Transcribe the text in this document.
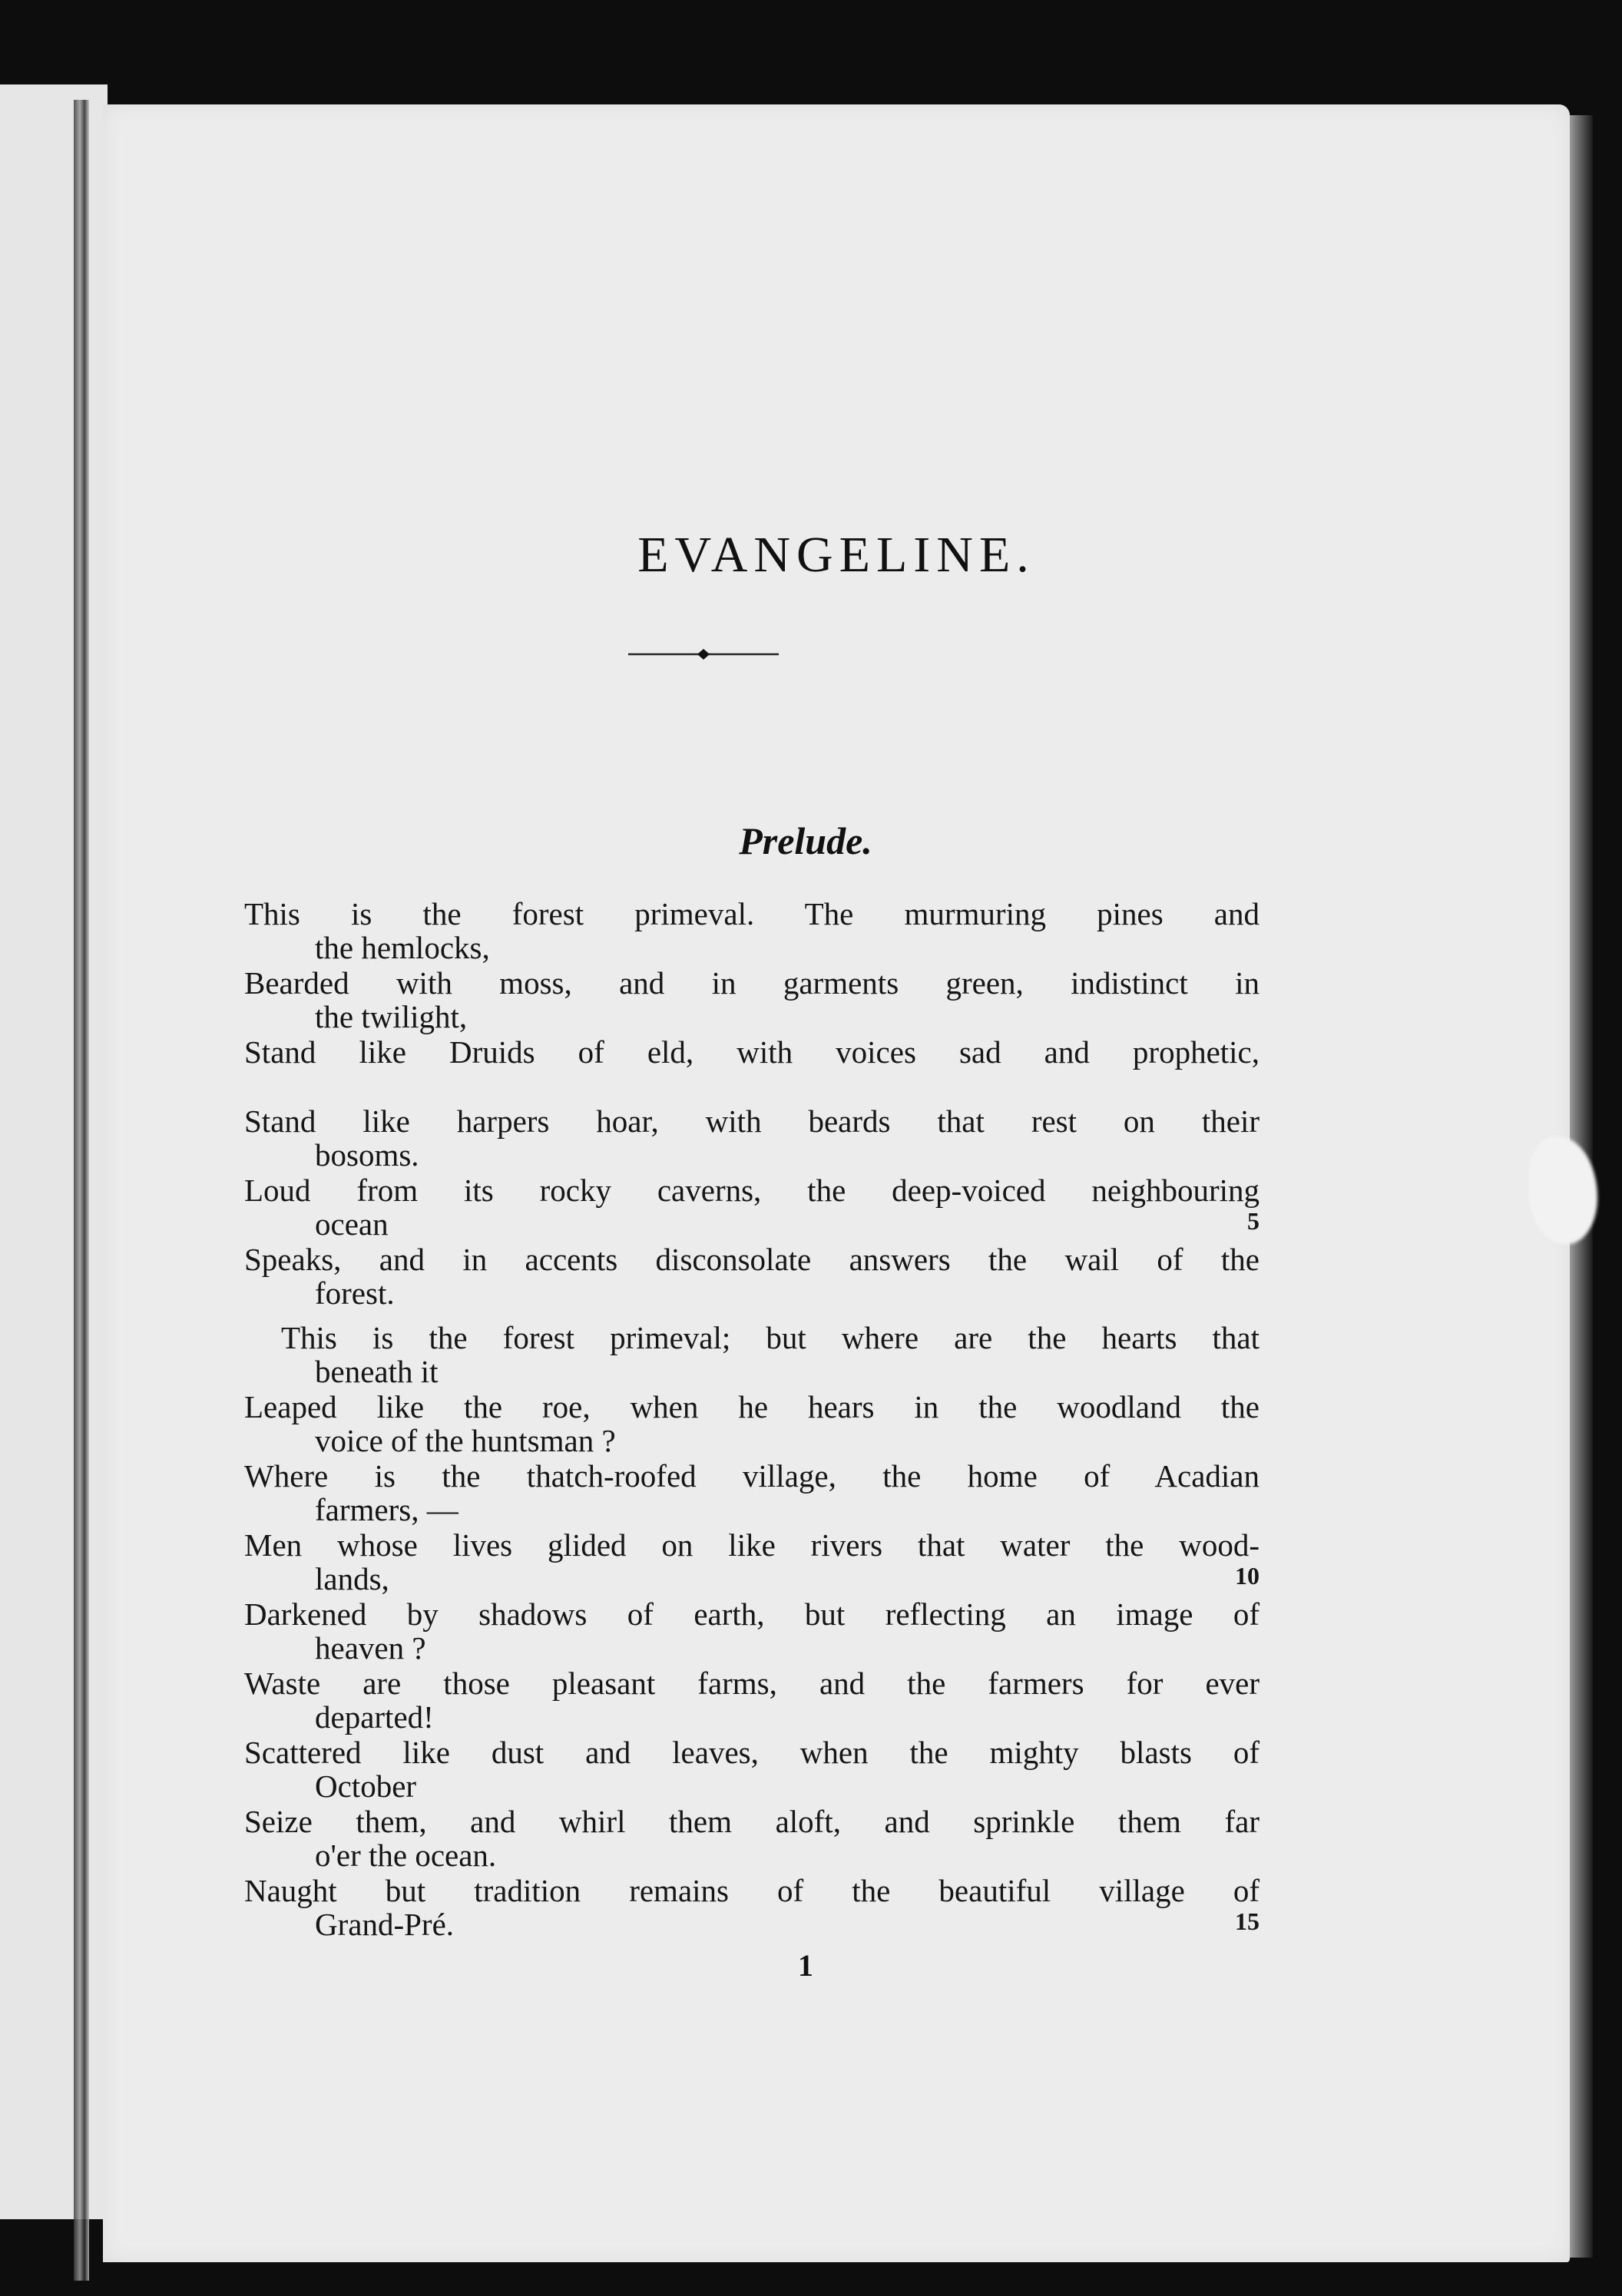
EVANGELINE.
Prelude.
This is the forest primeval. The murmuring pines and
the hemlocks,
Bearded with moss, and in garments green, indistinct in
the twilight,
Stand like Druids of eld, with voices sad and prophetic,
Stand like harpers hoar, with beards that rest on their
bosoms.
Loud from its rocky caverns, the deep-voiced neighbouring
ocean	5
Speaks, and in accents disconsolate answers the wail of the
forest.
This is the forest primeval; but where are the hearts that
beneath it
Leaped like the roe, when he hears in the woodland the
voice of the huntsman ?
Where is the thatch-roofed village, the home of Acadian
farmers, —
Men whose lives glided on like rivers that water the wood-
lands,	10
Darkened by shadows of earth, but reflecting an image of
heaven ?
Waste are those pleasant farms, and the farmers for ever
departed!
Scattered like dust and leaves, when the mighty blasts of
October
Seize them, and whirl them aloft, and sprinkle them far
o'er the ocean.
Naught but tradition remains of the beautiful village of
Grand-Pré.	15
1
